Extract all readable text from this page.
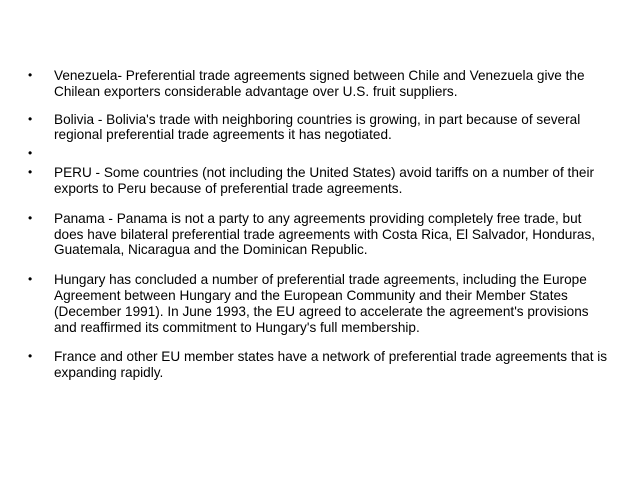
• Venezuela- Preferential trade agreements signed between Chile and Venezuela give the Chilean exporters considerable advantage over U.S. fruit suppliers.
• Bolivia - Bolivia's trade with neighboring countries is growing, in part because of several regional preferential trade agreements it has negotiated.
•
• PERU - Some countries (not including the United States) avoid tariffs on a number of their exports to Peru because of preferential trade agreements.
• Panama - Panama is not a party to any agreements providing completely free trade, but does have bilateral preferential trade agreements with Costa Rica, El Salvador, Honduras, Guatemala, Nicaragua and the Dominican Republic.
• Hungary has concluded a number of preferential trade agreements, including the Europe Agreement between Hungary and the European Community and their Member States (December 1991). In June 1993, the EU agreed to accelerate the agreement's provisions and reaffirmed its commitment to Hungary's full membership.
• France and other EU member states have a network of preferential trade agreements that is expanding rapidly.
